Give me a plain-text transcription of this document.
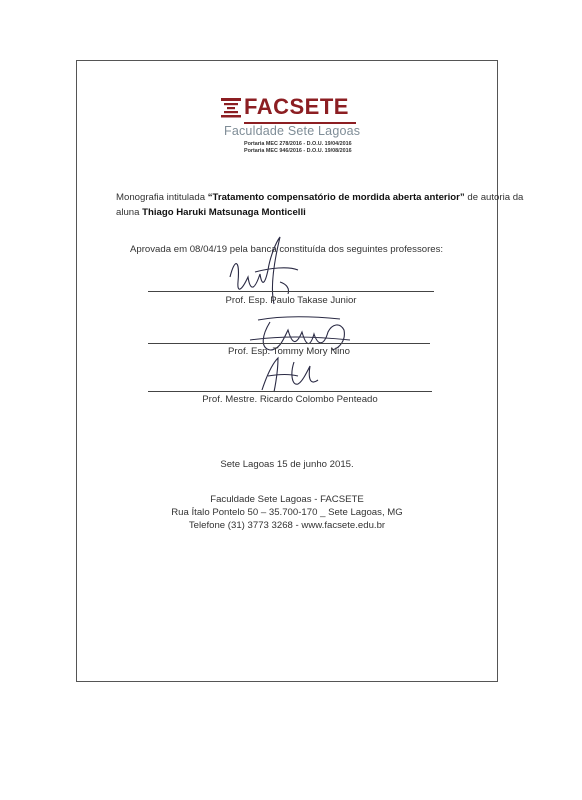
FACSETE
Faculdade Sete Lagoas
Portaria MEC 278/2016 - D.O.U. 19/04/2016
Portaria MEC 946/2016 - D.O.U. 19/08/2016
Monografia intitulada “Tratamento compensatório de mordida aberta anterior” de autoria da
aluna Thiago Haruki Matsunaga Monticelli
Aprovada em 08/04/19 pela banca constituída dos seguintes professores:
Prof. Esp. Paulo Takase Junior
Prof. Esp. Tommy Mory Nino
Prof. Mestre. Ricardo Colombo Penteado
Sete Lagoas 15 de junho 2015.
Faculdade Sete Lagoas - FACSETE
Rua Ítalo Pontelo 50 – 35.700-170 _ Sete Lagoas, MG
Telefone (31) 3773 3268 - www.facsete.edu.br
